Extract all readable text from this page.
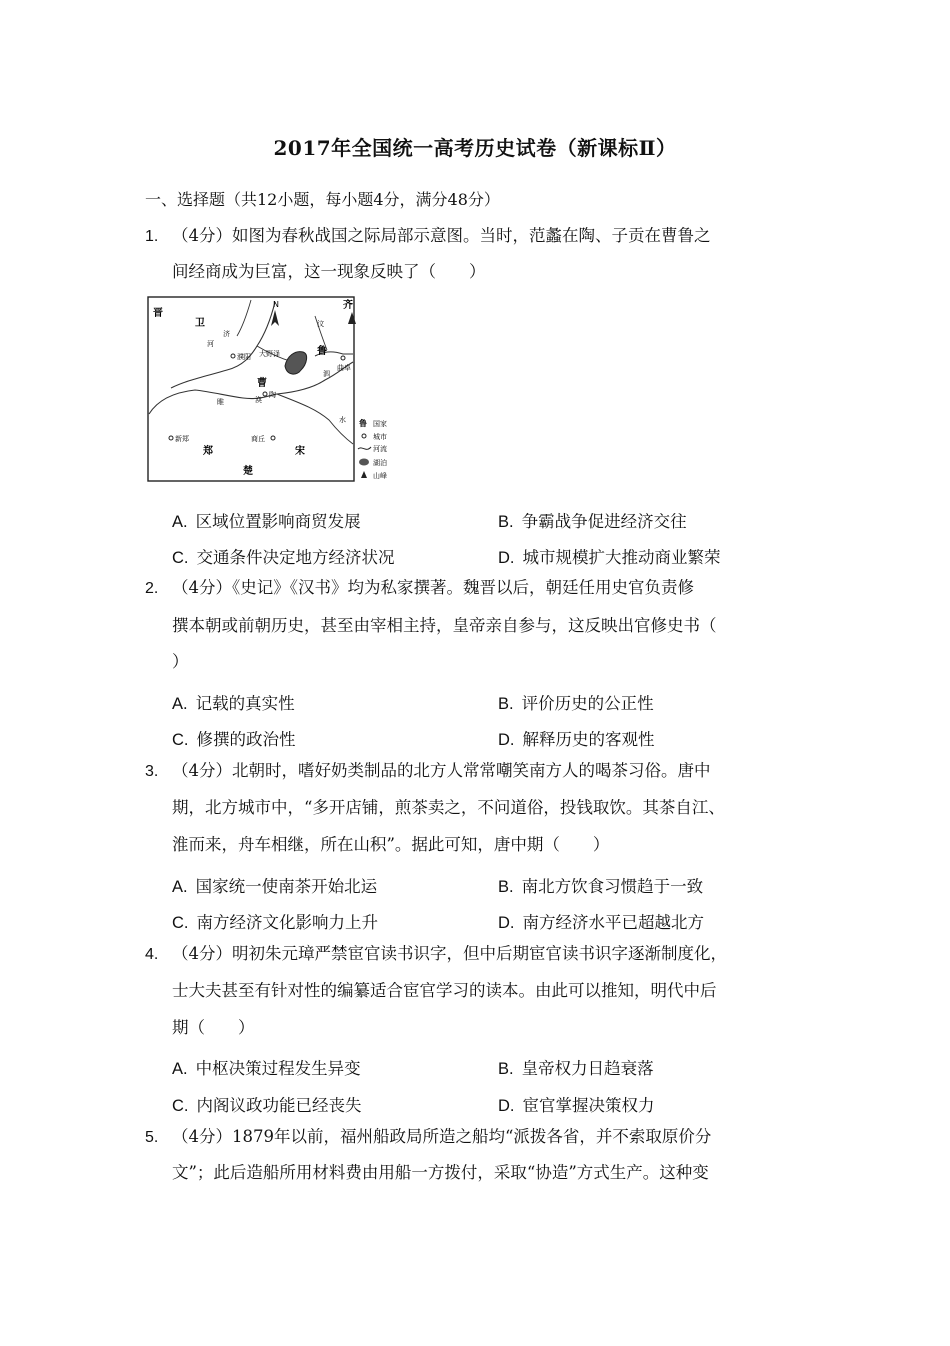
2017年全国统一高考历史试卷（新课标Ⅱ）
一、选择题（共12小题，每小题4分，满分48分）
1. （4分）如图为春秋战国之际局部示意图。当时，范蠡在陶、子贡在曹鲁之
间经商成为巨富，这一现象反映了（　　）
N
晋
卫
齐
鲁
曹
郑	宋
楚
濮阳
曲阜
陶
新郑	商丘
大野泽
河
睢	涣
汶
泗
济
水 鲁 国家
城市
河流
湖泊
山峰
A. 区域位置影响商贸发展	B. 争霸战争促进经济交往
C. 交通条件决定地方经济状况	D. 城市规模扩大推动商业繁荣
2. （4分）《史记》《汉书》均为私家撰著。魏晋以后，朝廷任用史官负责修
撰本朝或前朝历史，甚至由宰相主持，皇帝亲自参与，这反映出官修史书（
）
A. 记载的真实性	B. 评价历史的公正性
C. 修撰的政治性	D. 解释历史的客观性
3. （4分）北朝时，嗜好奶类制品的北方人常常嘲笑南方人的喝茶习俗。唐中
期，北方城市中，“多开店铺，煎茶卖之，不问道俗，投钱取饮。其茶自江、
淮而来，舟车相继，所在山积”。据此可知，唐中期（　　）
A. 国家统一使南茶开始北运	B. 南北方饮食习惯趋于一致
C. 南方经济文化影响力上升	D. 南方经济水平已超越北方
4. （4分）明初朱元璋严禁宦官读书识字，但中后期宦官读书识字逐渐制度化，
士大夫甚至有针对性的编纂适合宦官学习的读本。由此可以推知，明代中后
期（　　）
A. 中枢决策过程发生异变	B. 皇帝权力日趋衰落
C. 内阁议政功能已经丧失	D. 宦官掌握决策权力
5. （4分）1879年以前，福州船政局所造之船均“派拨各省，并不索取原价分
文”；此后造船所用材料费由用船一方拨付，采取“协造”方式生产。这种变
